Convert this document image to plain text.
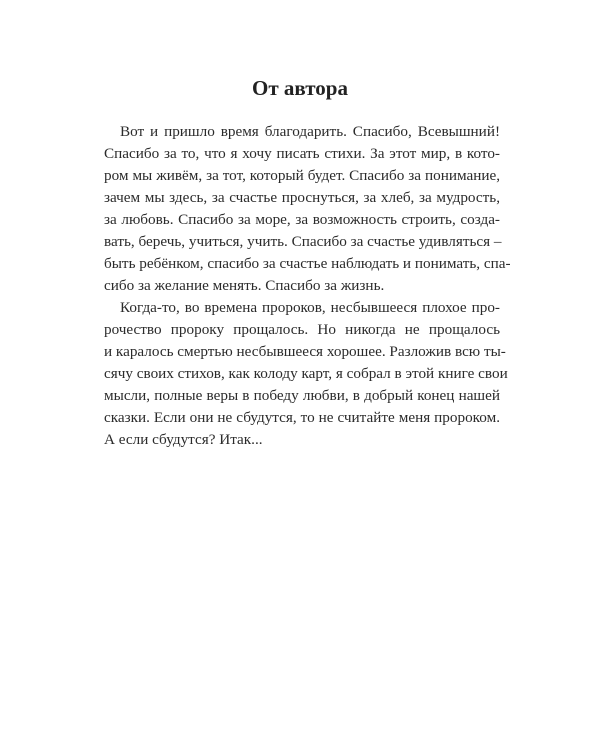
От автора
Вот и пришло время благодарить. Спасибо, Всевышний!
Спасибо за то, что я хочу писать стихи. За этот мир, в кото-
ром мы живём, за тот, который будет. Спасибо за понимание,
зачем мы здесь, за счастье проснуться, за хлеб, за мудрость,
за любовь. Спасибо за море, за возможность строить, созда-
вать, беречь, учиться, учить. Спасибо за счастье удивляться –
быть ребёнком, спасибо за счастье наблюдать и понимать, спа-
сибо за желание менять. Спасибо за жизнь.
Когда-то, во времена пророков, несбывшееся плохое про-
рочество пророку прощалось. Но никогда не прощалось
и каралось смертью несбывшееся хорошее. Разложив всю ты-
сячу своих стихов, как колоду карт, я собрал в этой книге свои
мысли, полные веры в победу любви, в добрый конец нашей
сказки. Если они не сбудутся, то не считайте меня пророком.
А если сбудутся? Итак...
